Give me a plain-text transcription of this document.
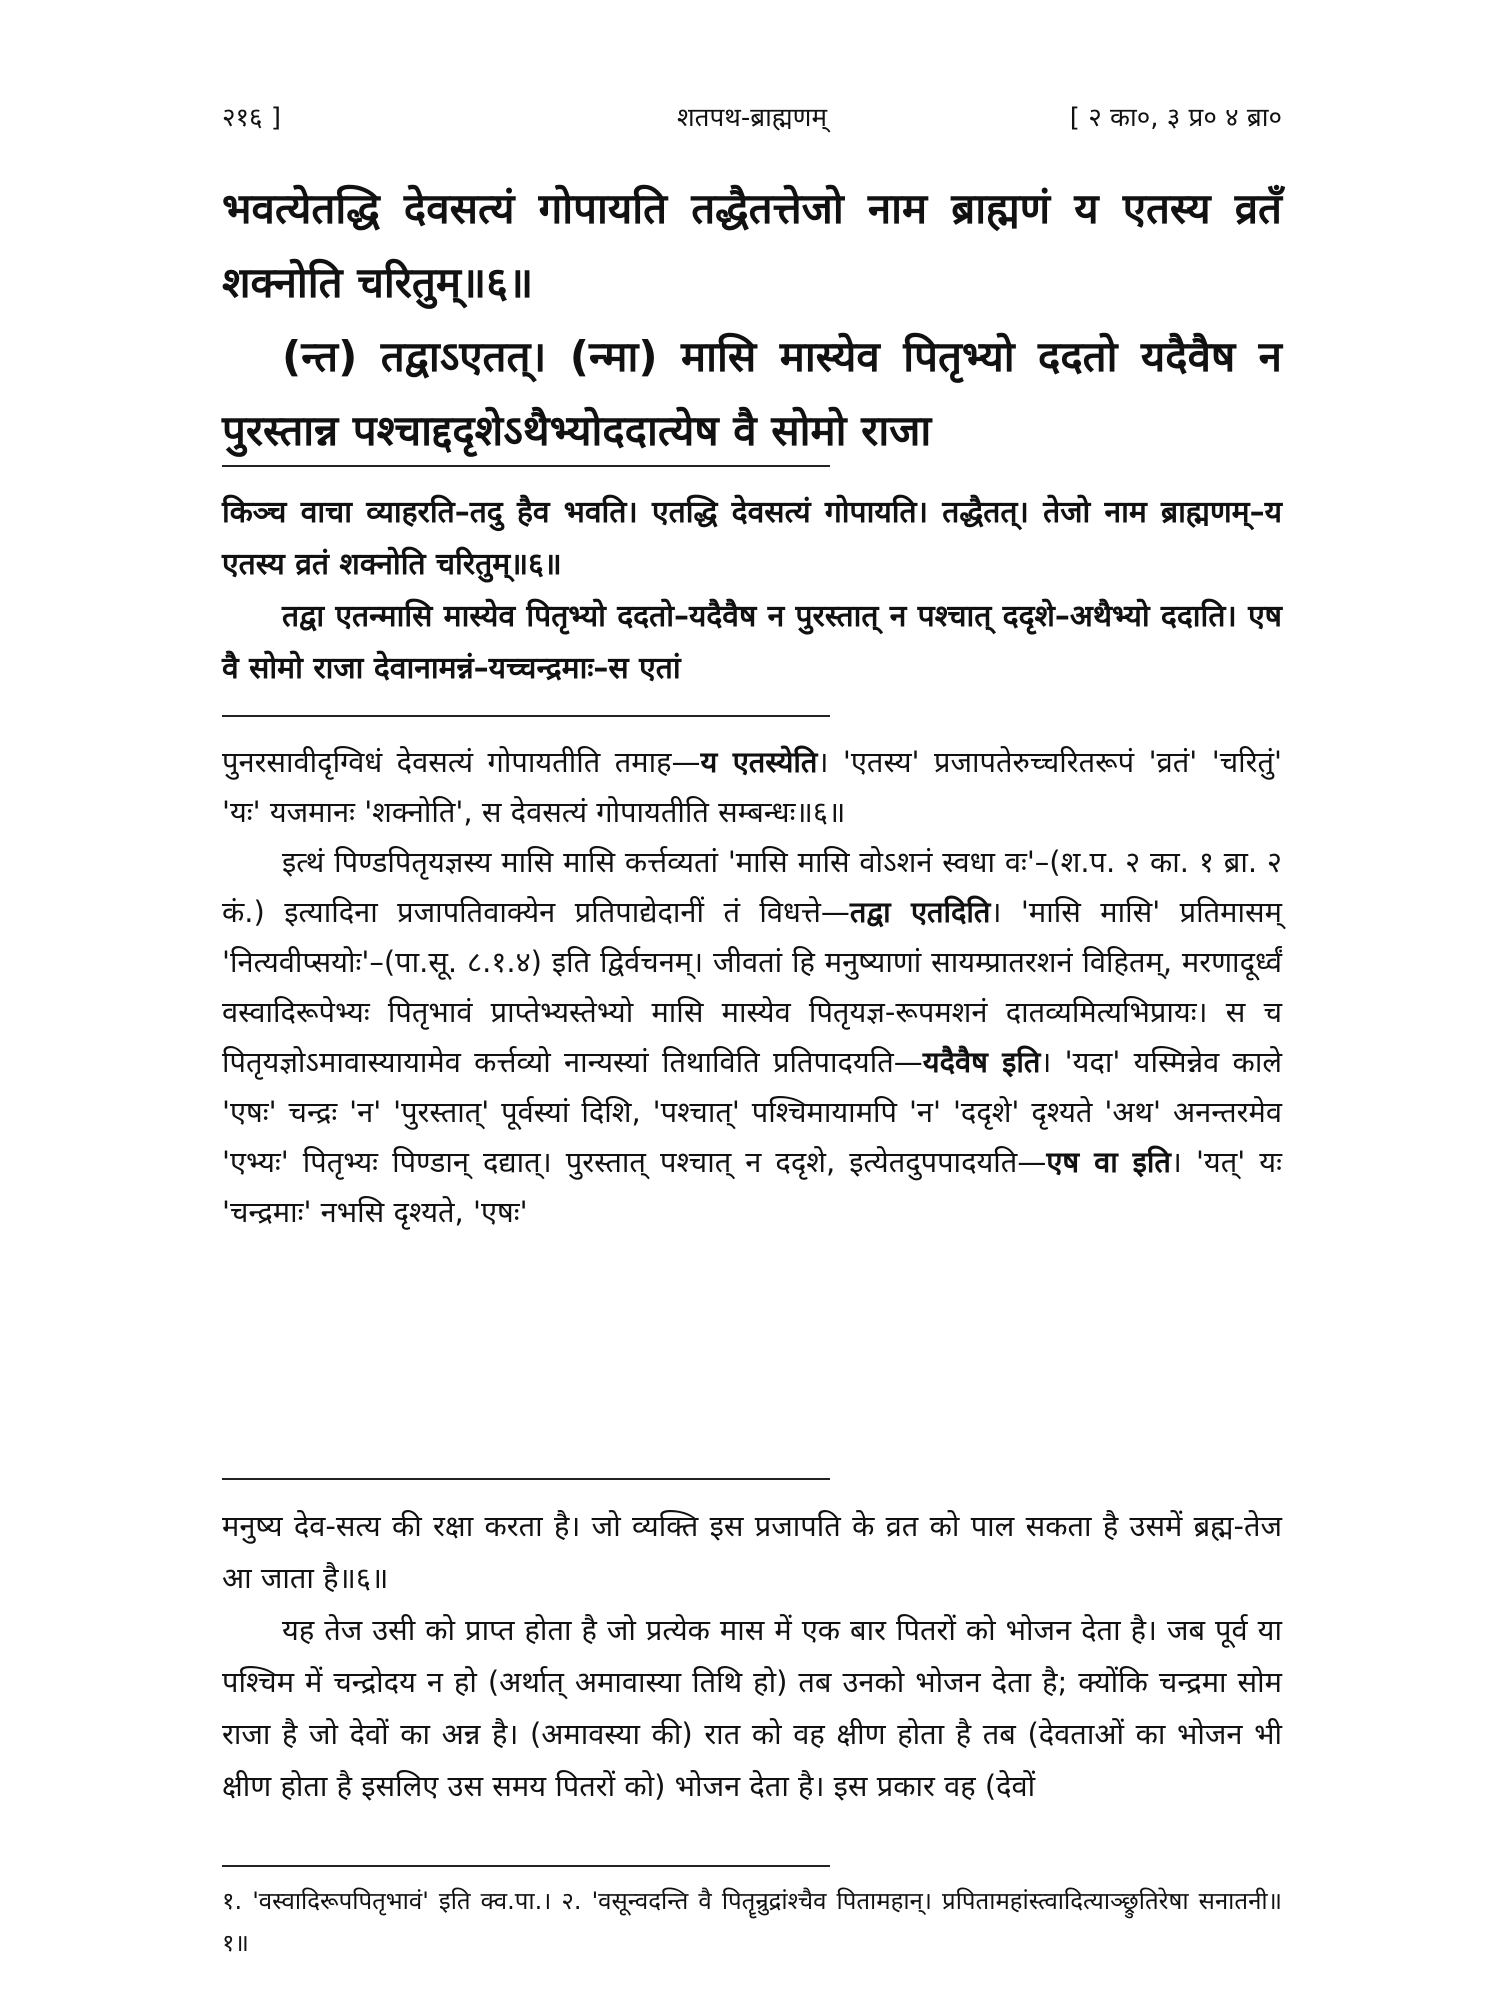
२१६ ]	शतपथ-ब्राह्मणम्	[ २ का०, ३ प्र० ४ ब्रा०

भवत्येतद्धि देवसत्यं गोपायति तद्धैतत्तेजो नाम ब्राह्मणं य एतस्य व्रतॅं शक्नोति चरितुम्॥६॥

(न्त) तद्वाऽएतत्। (न्मा) मासि मास्येव पितृभ्यो ददतो यदैवैष न पुरस्तान्न पश्चाद्ददृशेऽथैभ्योददात्येष वै सोमो राजा

किञ्च वाचा व्याहरति–तदु हैव भवति। एतद्धि देवसत्यं गोपायति। तद्धैतत्। तेजो नाम ब्राह्मणम्–य एतस्य व्रतं शक्नोति चरितुम्॥६॥

तद्वा एतन्मासि मास्येव पितृभ्यो ददतो–यदैवैष न पुरस्तात् न पश्चात् ददृशे–अथैभ्यो ददाति। एष वै सोमो राजा देवानामन्नं–यच्चन्द्रमाः–स एतां

पुनरसावीदृग्विधं देवसत्यं गोपायतीति तमाह—य एतस्येति। 'एतस्य' प्रजापतेरुच्चरितरूपं 'व्रतं' 'चरितुं' 'यः' यजमानः 'शक्नोति', स देवसत्यं गोपायतीति सम्बन्धः॥६॥

इत्थं पिण्डपितृयज्ञस्य मासि मासि कर्त्तव्यतां 'मासि मासि वोऽशनं स्वधा वः'–(श.प. २ का. १ ब्रा. २ कं.) इत्यादिना प्रजापतिवाक्येन प्रतिपाद्येदानीं तं विधत्ते—तद्वा एतदिति। 'मासि मासि' प्रतिमासम् 'नित्यवीप्सयोः'–(पा.सू. ८.१.४) इति द्विर्वचनम्। जीवतां हि मनुष्याणां सायम्प्रातरशनं विहितम्, मरणादूर्ध्वं वस्वादिरूपेभ्यः पितृभावं प्राप्तेभ्यस्तेभ्यो मासि मास्येव पितृयज्ञ-रूपमशनं दातव्यमित्यभिप्रायः। स च पितृयज्ञोऽमावास्यायामेव कर्त्तव्यो नान्यस्यां तिथाविति प्रतिपादयति—यदैवैष इति। 'यदा' यस्मिन्नेव काले 'एषः' चन्द्रः 'न' 'पुरस्तात्' पूर्वस्यां दिशि, 'पश्चात्' पश्चिमायामपि 'न' 'ददृशे' दृश्यते 'अथ' अनन्तरमेव 'एभ्यः' पितृभ्यः पिण्डान् दद्यात्। पुरस्तात् पश्चात् न ददृशे, इत्येतदुपपादयति—एष वा इति। 'यत्' यः 'चन्द्रमाः' नभसि दृश्यते, 'एषः'

मनुष्य देव-सत्य की रक्षा करता है। जो व्यक्ति इस प्रजापति के व्रत को पाल सकता है उसमें ब्रह्म-तेज आ जाता है॥६॥

यह तेज उसी को प्राप्त होता है जो प्रत्येक मास में एक बार पितरों को भोजन देता है। जब पूर्व या पश्चिम में चन्द्रोदय न हो (अर्थात् अमावास्या तिथि हो) तब उनको भोजन देता है; क्योंकि चन्द्रमा सोम राजा है जो देवों का अन्न है। (अमावस्या की) रात को वह क्षीण होता है तब (देवताओं का भोजन भी क्षीण होता है इसलिए उस समय पितरों को) भोजन देता है। इस प्रकार वह (देवों

१. 'वस्वादिरूपपितृभावं' इति क्व.पा.। २. 'वसून्वदन्ति वै पितॄन्रुद्रांश्चैव पितामहान्। प्रपितामहांस्त्वादित्याञ्छ्रुतिरेषा सनातनी॥१॥
